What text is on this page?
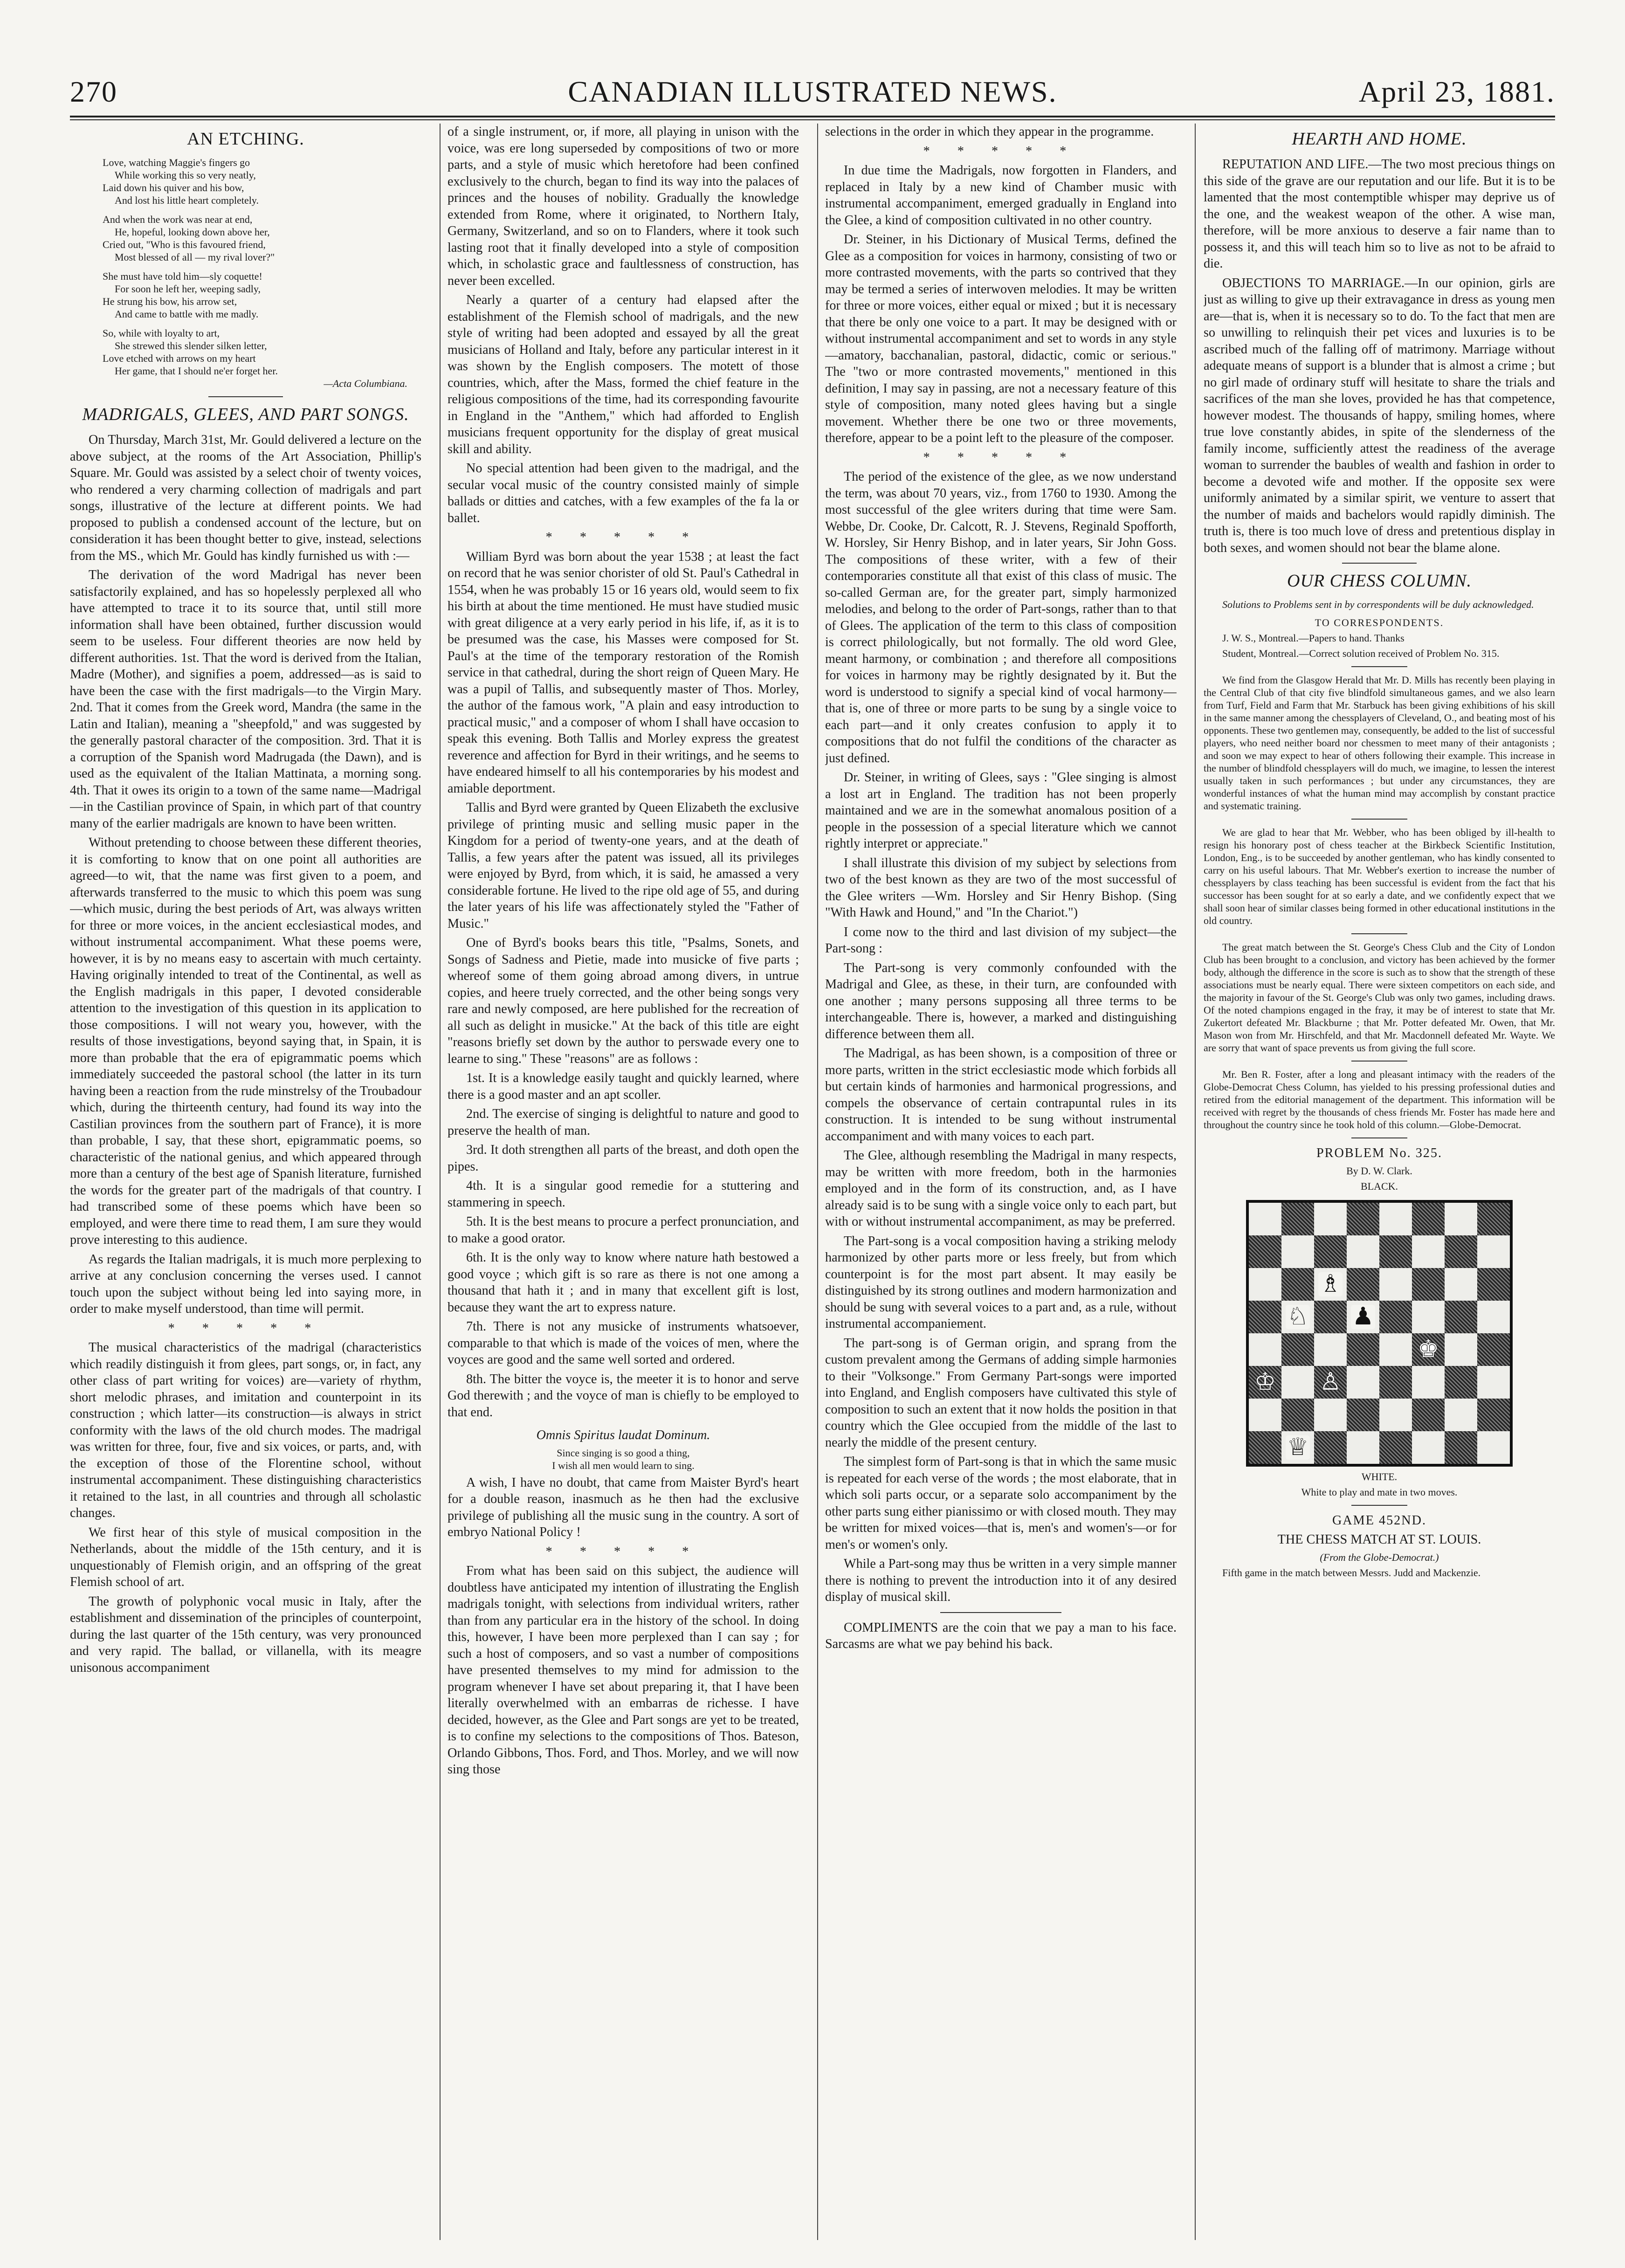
270	CANADIAN ILLUSTRATED NEWS.	April 23, 1881.
AN ETCHING.
Love, watching Maggie's fingers go
While working this so very neatly,
Laid down his quiver and his bow,
And lost his little heart completely.
And when the work was near at end,
He, hopeful, looking down above her,
Cried out, "Who is this favoured friend,
Most blessed of all — my rival lover?"
She must have told him—sly coquette!
For soon he left her, weeping sadly,
He strung his bow, his arrow set,
And came to battle with me madly.
So, while with loyalty to art,
She strewed this slender silken letter,
Love etched with arrows on my heart
Her game, that I should ne'er forget her.
—Acta Columbiana.
MADRIGALS, GLEES, AND PART SONGS.

On Thursday, March 31st, Mr. Gould delivered a lecture on the above subject, at the rooms of the Art Association, Phillip's Square. Mr. Gould was assisted by a select choir of twenty voices, who rendered a very charming collection of madrigals and part songs, illustrative of the lecture at different points. We had proposed to publish a condensed account of the lecture, but on consideration it has been thought better to give, instead, selections from the MS., which Mr. Gould has kindly furnished us with :—

The derivation of the word Madrigal has never been satisfactorily explained, and has so hopelessly perplexed all who have attempted to trace it to its source that, until still more information shall have been obtained, further discussion would seem to be useless. Four different theories are now held by different authorities. 1st. That the word is derived from the Italian, Madre (Mother), and signifies a poem, addressed—as is said to have been the case with the first madrigals—to the Virgin Mary. 2nd. That it comes from the Greek word, Mandra (the same in the Latin and Italian), meaning a "sheepfold," and was suggested by the generally pastoral character of the composition. 3rd. That it is a corruption of the Spanish word Madrugada (the Dawn), and is used as the equivalent of the Italian Mattinata, a morning song. 4th. That it owes its origin to a town of the same name—Madrigal—in the Castilian province of Spain, in which part of that country many of the earlier madrigals are known to have been written.

Without pretending to choose between these different theories, it is comforting to know that on one point all authorities are agreed—to wit, that the name was first given to a poem, and afterwards transferred to the music to which this poem was sung—which music, during the best periods of Art, was always written for three or more voices, in the ancient ecclesiastical modes, and without instrumental accompaniment. What these poems were, however, it is by no means easy to ascertain with much certainty. Having originally intended to treat of the Continental, as well as the English madrigals in this paper, I devoted considerable attention to the investigation of this question in its application to those compositions. I will not weary you, however, with the results of those investigations, beyond saying that, in Spain, it is more than probable that the era of epigrammatic poems which immediately succeeded the pastoral school (the latter in its turn having been a reaction from the rude minstrelsy of the Troubadour which, during the thirteenth century, had found its way into the Castilian provinces from the southern part of France), it is more than probable, I say, that these short, epigrammatic poems, so characteristic of the national genius, and which appeared through more than a century of the best age of Spanish literature, furnished the words for the greater part of the madrigals of that country. I had transcribed some of these poems which have been so employed, and were there time to read them, I am sure they would prove interesting to this audience.

As regards the Italian madrigals, it is much more perplexing to arrive at any conclusion concerning the verses used. I cannot touch upon the subject without being led into saying more, in order to make myself understood, than time will permit.

* * * * *

The musical characteristics of the madrigal (characteristics which readily distinguish it from glees, part songs, or, in fact, any other class of part writing for voices) are—variety of rhythm, short melodic phrases, and imitation and counterpoint in its construction ; which latter—its construction—is always in strict conformity with the laws of the old church modes. The madrigal was written for three, four, five and six voices, or parts, and, with the exception of those of the Florentine school, without instrumental accompaniment. These distinguishing characteristics it retained to the last, in all countries and through all scholastic changes.

We first hear of this style of musical composition in the Netherlands, about the middle of the 15th century, and it is unquestionably of Flemish origin, and an offspring of the great Flemish school of art.

The growth of polyphonic vocal music in Italy, after the establishment and dissemination of the principles of counterpoint, during the last quarter of the 15th century, was very pronounced and very rapid. The ballad, or villanella, with its meagre unisonous accompaniment

of a single instrument, or, if more, all playing in unison with the voice, was ere long superseded by compositions of two or more parts, and a style of music which heretofore had been confined exclusively to the church, began to find its way into the palaces of princes and the houses of nobility. Gradually the knowledge extended from Rome, where it originated, to Northern Italy, Germany, Switzerland, and so on to Flanders, where it took such lasting root that it finally developed into a style of composition which, in scholastic grace and faultlessness of construction, has never been excelled.

Nearly a quarter of a century had elapsed after the establishment of the Flemish school of madrigals, and the new style of writing had been adopted and essayed by all the great musicians of Holland and Italy, before any particular interest in it was shown by the English composers. The motett of those countries, which, after the Mass, formed the chief feature in the religious compositions of the time, had its corresponding favourite in England in the "Anthem," which had afforded to English musicians frequent opportunity for the display of great musical skill and ability.

No special attention had been given to the madrigal, and the secular vocal music of the country consisted mainly of simple ballads or ditties and catches, with a few examples of the fa la or ballet.

* * * * *

William Byrd was born about the year 1538 ; at least the fact on record that he was senior chorister of old St. Paul's Cathedral in 1554, when he was probably 15 or 16 years old, would seem to fix his birth at about the time mentioned. He must have studied music with great diligence at a very early period in his life, if, as it is to be presumed was the case, his Masses were composed for St. Paul's at the time of the temporary restoration of the Romish service in that cathedral, during the short reign of Queen Mary. He was a pupil of Tallis, and subsequently master of Thos. Morley, the author of the famous work, "A plain and easy introduction to practical music," and a composer of whom I shall have occasion to speak this evening. Both Tallis and Morley express the greatest reverence and affection for Byrd in their writings, and he seems to have endeared himself to all his contemporaries by his modest and amiable deportment.

Tallis and Byrd were granted by Queen Elizabeth the exclusive privilege of printing music and selling music paper in the Kingdom for a period of twenty-one years, and at the death of Tallis, a few years after the patent was issued, all its privileges were enjoyed by Byrd, from which, it is said, he amassed a very considerable fortune. He lived to the ripe old age of 55, and during the later years of his life was affectionately styled the "Father of Music."

One of Byrd's books bears this title, "Psalms, Sonets, and Songs of Sadness and Pietie, made into musicke of five parts ; whereof some of them going abroad among divers, in untrue copies, and heere truely corrected, and the other being songs very rare and newly composed, are here published for the recreation of all such as delight in musicke." At the back of this title are eight "reasons briefly set down by the author to perswade every one to learne to sing." These "reasons" are as follows :

1st. It is a knowledge easily taught and quickly learned, where there is a good master and an apt scoller.

2nd. The exercise of singing is delightful to nature and good to preserve the health of man.

3rd. It doth strengthen all parts of the breast, and doth open the pipes.

4th. It is a singular good remedie for a stuttering and stammering in speech.

5th. It is the best means to procure a perfect pronunciation, and to make a good orator.

6th. It is the only way to know where nature hath bestowed a good voyce ; which gift is so rare as there is not one among a thousand that hath it ; and in many that excellent gift is lost, because they want the art to express nature.

7th. There is not any musicke of instruments whatsoever, comparable to that which is made of the voices of men, where the voyces are good and the same well sorted and ordered.

8th. The bitter the voyce is, the meeter it is to honor and serve God therewith ; and the voyce of man is chiefly to be employed to that end.

Omnis Spiritus laudat Dominum.

Since singing is so good a thing,

I wish all men would learn to sing.

A wish, I have no doubt, that came from Maister Byrd's heart for a double reason, inasmuch as he then had the exclusive privilege of publishing all the music sung in the country. A sort of embryo National Policy !

* * * * *

From what has been said on this subject, the audience will doubtless have anticipated my intention of illustrating the English madrigals tonight, with selections from individual writers, rather than from any particular era in the history of the school. In doing this, however, I have been more perplexed than I can say ; for such a host of composers, and so vast a number of compositions have presented themselves to my mind for admission to the program whenever I have set about preparing it, that I have been literally overwhelmed with an embarras de richesse. I have decided, however, as the Glee and Part songs are yet to be treated, is to confine my selections to the compositions of Thos. Bateson, Orlando Gibbons, Thos. Ford, and Thos. Morley, and we will now sing those

selections in the order in which they appear in the programme.

* * * * *

In due time the Madrigals, now forgotten in Flanders, and replaced in Italy by a new kind of Chamber music with instrumental accompaniment, emerged gradually in England into the Glee, a kind of composition cultivated in no other country.

Dr. Steiner, in his Dictionary of Musical Terms, defined the Glee as a composition for voices in harmony, consisting of two or more contrasted movements, with the parts so contrived that they may be termed a series of interwoven melodies. It may be written for three or more voices, either equal or mixed ; but it is necessary that there be only one voice to a part. It may be designed with or without instrumental accompaniment and set to words in any style—amatory, bacchanalian, pastoral, didactic, comic or serious." The "two or more contrasted movements," mentioned in this definition, I may say in passing, are not a necessary feature of this style of composition, many noted glees having but a single movement. Whether there be one two or three movements, therefore, appear to be a point left to the pleasure of the composer.

* * * * *

The period of the existence of the glee, as we now understand the term, was about 70 years, viz., from 1760 to 1930. Among the most successful of the glee writers during that time were Sam. Webbe, Dr. Cooke, Dr. Calcott, R. J. Stevens, Reginald Spofforth, W. Horsley, Sir Henry Bishop, and in later years, Sir John Goss. The compositions of these writer, with a few of their contemporaries constitute all that exist of this class of music. The so-called German are, for the greater part, simply harmonized melodies, and belong to the order of Part-songs, rather than to that of Glees. The application of the term to this class of composition is correct philologically, but not formally. The old word Glee, meant harmony, or combination ; and therefore all compositions for voices in harmony may be rightly designated by it. But the word is understood to signify a special kind of vocal harmony—that is, one of three or more parts to be sung by a single voice to each part—and it only creates confusion to apply it to compositions that do not fulfil the conditions of the character as just defined.

Dr. Steiner, in writing of Glees, says : "Glee singing is almost a lost art in England. The tradition has not been properly maintained and we are in the somewhat anomalous position of a people in the possession of a special literature which we cannot rightly interpret or appreciate."

I shall illustrate this division of my subject by selections from two of the best known as they are two of the most successful of the Glee writers —Wm. Horsley and Sir Henry Bishop. (Sing "With Hawk and Hound," and "In the Chariot.")

I come now to the third and last division of my subject—the Part-song :

The Part-song is very commonly confounded with the Madrigal and Glee, as these, in their turn, are confounded with one another ; many persons supposing all three terms to be interchangeable. There is, however, a marked and distinguishing difference between them all.

The Madrigal, as has been shown, is a composition of three or more parts, written in the strict ecclesiastic mode which forbids all but certain kinds of harmonies and harmonical progressions, and compels the observance of certain contrapuntal rules in its construction. It is intended to be sung without instrumental accompaniment and with many voices to each part.

The Glee, although resembling the Madrigal in many respects, may be written with more freedom, both in the harmonies employed and in the form of its construction, and, as I have already said is to be sung with a single voice only to each part, but with or without instrumental accompaniment, as may be preferred.

The Part-song is a vocal composition having a striking melody harmonized by other parts more or less freely, but from which counterpoint is for the most part absent. It may easily be distinguished by its strong outlines and modern harmonization and should be sung with several voices to a part and, as a rule, without instrumental accompaniement.

The part-song is of German origin, and sprang from the custom prevalent among the Germans of adding simple harmonies to their "Volksonge." From Germany Part-songs were imported into England, and English composers have cultivated this style of composition to such an extent that it now holds the position in that country which the Glee occupied from the middle of the last to nearly the middle of the present century.

The simplest form of Part-song is that in which the same music is repeated for each verse of the words ; the most elaborate, that in which soli parts occur, or a separate solo accompaniment by the other parts sung either pianissimo or with closed mouth. They may be written for mixed voices—that is, men's and women's—or for men's or women's only.

While a Part-song may thus be written in a very simple manner there is nothing to prevent the introduction into it of any desired display of musical skill.

COMPLIMENTS are the coin that we pay a man to his face. Sarcasms are what we pay behind his back.

HEARTH AND HOME.

REPUTATION AND LIFE.—The two most precious things on this side of the grave are our reputation and our life. But it is to be lamented that the most contemptible whisper may deprive us of the one, and the weakest weapon of the other. A wise man, therefore, will be more anxious to deserve a fair name than to possess it, and this will teach him so to live as not to be afraid to die.

OBJECTIONS TO MARRIAGE.—In our opinion, girls are just as willing to give up their extravagance in dress as young men are—that is, when it is necessary so to do. To the fact that men are so unwilling to relinquish their pet vices and luxuries is to be ascribed much of the falling off of matrimony. Marriage without adequate means of support is a blunder that is almost a crime ; but no girl made of ordinary stuff will hesitate to share the trials and sacrifices of the man she loves, provided he has that competence, however modest. The thousands of happy, smiling homes, where true love constantly abides, in spite of the slenderness of the family income, sufficiently attest the readiness of the average woman to surrender the baubles of wealth and fashion in order to become a devoted wife and mother. If the opposite sex were uniformly animated by a similar spirit, we venture to assert that the number of maids and bachelors would rapidly diminish. The truth is, there is too much love of dress and pretentious display in both sexes, and women should not bear the blame alone.

OUR CHESS COLUMN.

Solutions to Problems sent in by correspondents will be duly acknowledged.

TO CORRESPONDENTS.

J. W. S., Montreal.—Papers to hand. Thanks

Student, Montreal.—Correct solution received of Problem No. 315.

We find from the Glasgow Herald that Mr. D. Mills has recently been playing in the Central Club of that city five blindfold simultaneous games, and we also learn from Turf, Field and Farm that Mr. Starbuck has been giving exhibitions of his skill in the same manner among the chessplayers of Cleveland, O., and beating most of his opponents. These two gentlemen may, consequently, be added to the list of successful players, who need neither board nor chessmen to meet many of their antagonists ; and soon we may expect to hear of others following their example. This increase in the number of blindfold chessplayers will do much, we imagine, to lessen the interest usually taken in such performances ; but under any circumstances, they are wonderful instances of what the human mind may accomplish by constant practice and systematic training.

We are glad to hear that Mr. Webber, who has been obliged by ill-health to resign his honorary post of chess teacher at the Birkbeck Scientific Institution, London, Eng., is to be succeeded by another gentleman, who has kindly consented to carry on his useful labours. That Mr. Webber's exertion to increase the number of chessplayers by class teaching has been successful is evident from the fact that his successor has been sought for at so early a date, and we confidently expect that we shall soon hear of similar classes being formed in other educational institutions in the old country.

The great match between the St. George's Chess Club and the City of London Club has been brought to a conclusion, and victory has been achieved by the former body, although the difference in the score is such as to show that the strength of these associations must be nearly equal. There were sixteen competitors on each side, and the majority in favour of the St. George's Club was only two games, including draws. Of the noted champions engaged in the fray, it may be of interest to state that Mr. Zukertort defeated Mr. Blackburne ; that Mr. Potter defeated Mr. Owen, that Mr. Mason won from Mr. Hirschfeld, and that Mr. Macdonnell defeated Mr. Wayte. We are sorry that want of space prevents us from giving the full score.

Mr. Ben R. Foster, after a long and pleasant intimacy with the readers of the Globe-Democrat Chess Column, has yielded to his pressing professional duties and retired from the editorial management of the department. This information will be received with regret by the thousands of chess friends Mr. Foster has made here and throughout the country since he took hold of this column.—Globe-Democrat.

PROBLEM No. 325.

By D. W. Clark.

BLACK.

♗
♘ ♟
♚
♔ ♙
♕

WHITE.

White to play and mate in two moves.

GAME 452ND.

THE CHESS MATCH AT ST. LOUIS.

(From the Globe-Democrat.)

Fifth game in the match between Messrs. Judd and Mackenzie.
